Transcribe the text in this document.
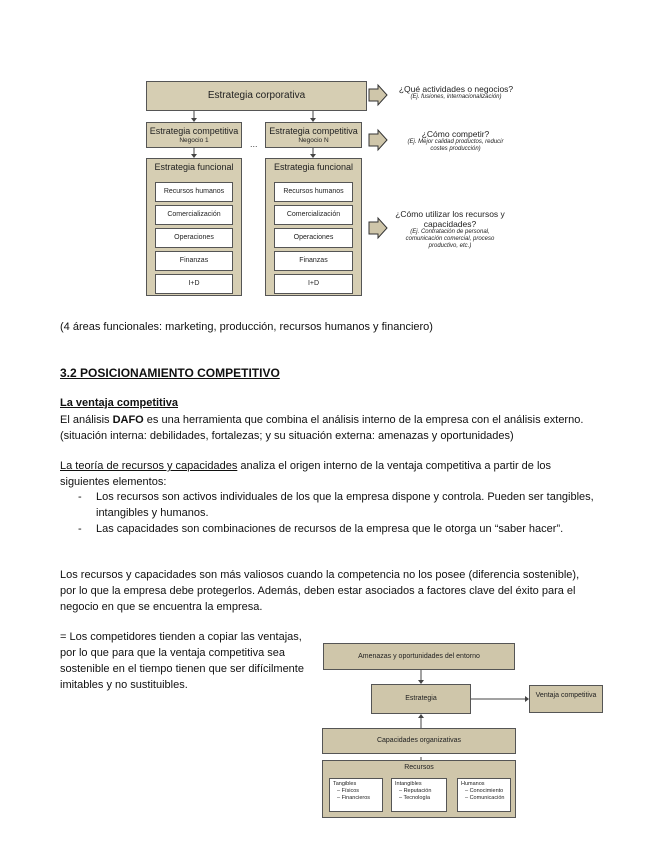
Estrategia corporativa
Estrategia competitiva
Negocio 1	...
Estrategia competitiva
Negocio N
Estrategia funcional
Recursos humanos
Comercialización
Operaciones
Finanzas
I+D
Estrategia funcional
Recursos humanos
Comercialización
Operaciones
Finanzas
I+D
¿Qué actividades o negocios?
(Ej. fusiones, internacionalización)
¿Cómo competir?
(Ej. Mejor calidad productos, reducir costes producción)
¿Cómo utilizar los recursos y capacidades?
(Ej. Contratación de personal, comunicación comercial, proceso productivo, etc.)
(4 áreas funcionales: marketing, producción, recursos humanos y financiero)
3.2 POSICIONAMIENTO COMPETITIVO
La ventaja competitiva
El análisis DAFO es una herramienta que combina el análisis interno de la empresa con el análisis externo. (situación interna: debilidades, fortalezas; y su situación externa: amenazas y oportunidades)
La teoría de recursos y capacidades analiza el origen interno de la ventaja competitiva a partir de los siguientes elementos:
-	Los recursos son activos individuales de los que la empresa dispone y controla. Pueden ser tangibles, intangibles y humanos.
-	Las capacidades son combinaciones de recursos de la empresa que le otorga un “saber hacer”.
Los recursos y capacidades son más valiosos cuando la competencia no los posee (diferencia sostenible), por lo que la empresa debe protegerlos. Además, deben estar asociados a factores clave del éxito para el negocio en que se encuentra la empresa.
= Los competidores tienden a copiar las ventajas, por lo que para que la ventaja competitiva sea sostenible en el tiempo tienen que ser difícilmente imitables y no sustituibles.
Amenazas y oportunidades del entorno
Estrategia	Ventaja competitiva
Capacidades organizativas
Recursos
Tangibles
– Físicos
– Financieros
Intangibles
– Reputación
– Tecnología
Humanos
– Conocimiento
– Comunicación
